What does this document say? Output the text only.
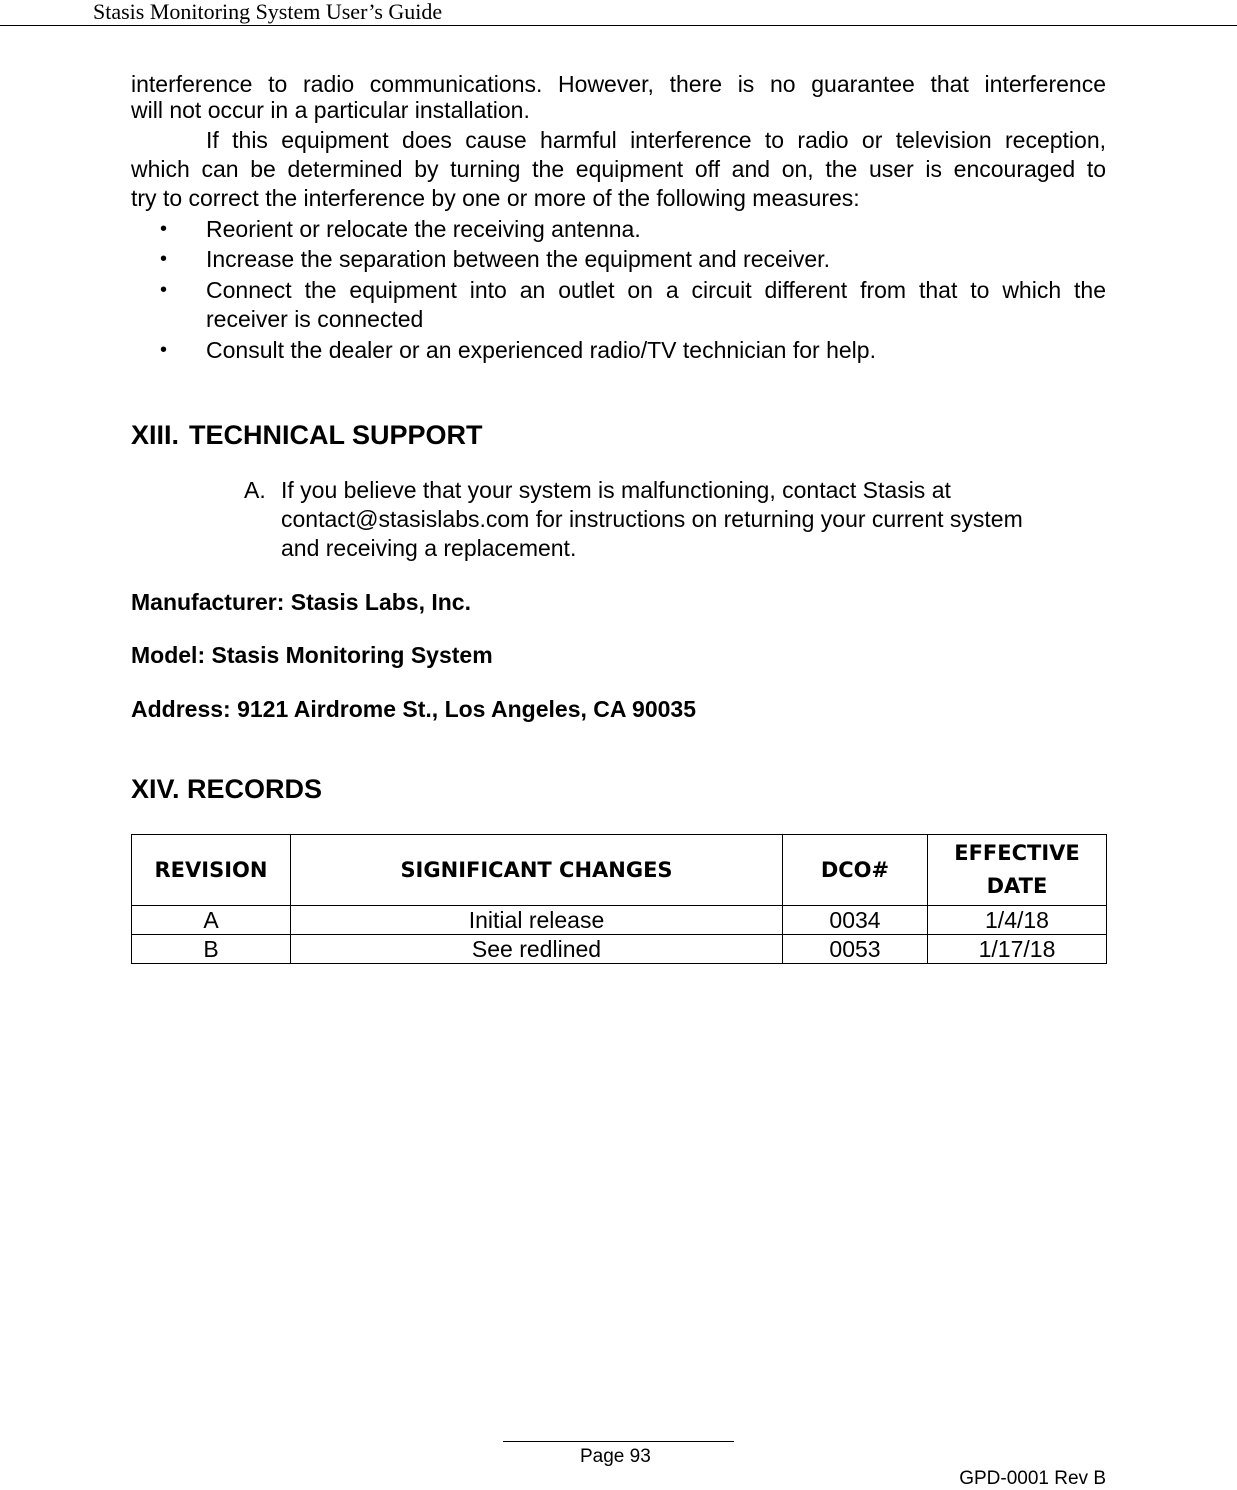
Stasis Monitoring System User’s Guide
interference to radio communications. However, there is no guarantee that interference
will not occur in a particular installation.
If this equipment does cause harmful interference to radio or television reception,
which can be determined by turning the equipment off and on, the user is encouraged to
try to correct the interference by one or more of the following measures:
• Reorient or relocate the receiving antenna.
• Increase the separation between the equipment and receiver.
• Connect the equipment into an outlet on a circuit different from that to which the
receiver is connected
• Consult the dealer or an experienced radio/TV technician for help.
XIII. TECHNICAL SUPPORT
A. If you believe that your system is malfunctioning, contact Stasis at
contact@stasislabs.com for instructions on returning your current system
and receiving a replacement.
Manufacturer: Stasis Labs, Inc.
Model: Stasis Monitoring System
Address: 9121 Airdrome St., Los Angeles, CA 90035
XIV. RECORDS
REVISION	SIGNIFICANT CHANGES	DCO#	EFFECTIVE DATE
A	Initial release	0034	1/4/18
B	See redlined	0053	1/17/18
Page 93
GPD-0001 Rev B
